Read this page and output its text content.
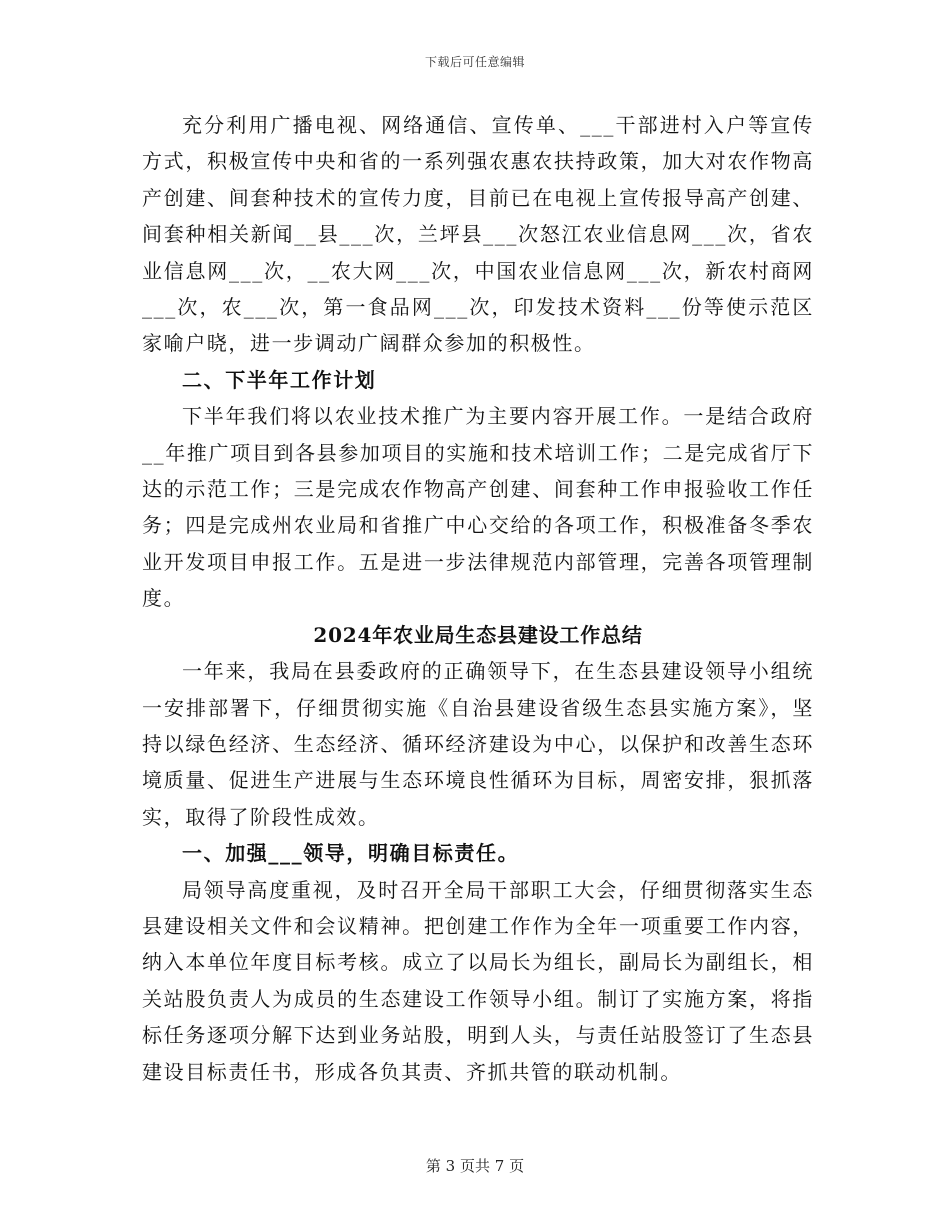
下载后可任意编辑

充分利用广播电视、网络通信、宣传单、___干部进村入户等宣传方式，积极宣传中央和省的一系列强农惠农扶持政策，加大对农作物高产创建、间套种技术的宣传力度，目前已在电视上宣传报导高产创建、间套种相关新闻__县___次，兰坪县___次怒江农业信息网___次，省农业信息网___次，__农大网___次，中国农业信息网___次，新农村商网___次，农___次，第一食品网___次，印发技术资料___份等使示范区家喻户晓，进一步调动广阔群众参加的积极性。

二、下半年工作计划

下半年我们将以农业技术推广为主要内容开展工作。一是结合政府__年推广项目到各县参加项目的实施和技术培训工作；二是完成省厅下达的示范工作；三是完成农作物高产创建、间套种工作申报验收工作任务；四是完成州农业局和省推广中心交给的各项工作，积极准备冬季农业开发项目申报工作。五是进一步法律规范内部管理，完善各项管理制度。

2024年农业局生态县建设工作总结

一年来，我局在县委政府的正确领导下，在生态县建设领导小组统一安排部署下，仔细贯彻实施《自治县建设省级生态县实施方案》，坚持以绿色经济、生态经济、循环经济建设为中心，以保护和改善生态环境质量、促进生产进展与生态环境良性循环为目标，周密安排，狠抓落实，取得了阶段性成效。

一、加强___领导，明确目标责任。

局领导高度重视，及时召开全局干部职工大会，仔细贯彻落实生态县建设相关文件和会议精神。把创建工作作为全年一项重要工作内容，纳入本单位年度目标考核。成立了以局长为组长，副局长为副组长，相关站股负责人为成员的生态建设工作领导小组。制订了实施方案，将指标任务逐项分解下达到业务站股，明到人头，与责任站股签订了生态县建设目标责任书，形成各负其责、齐抓共管的联动机制。

第 3 页共 7 页
